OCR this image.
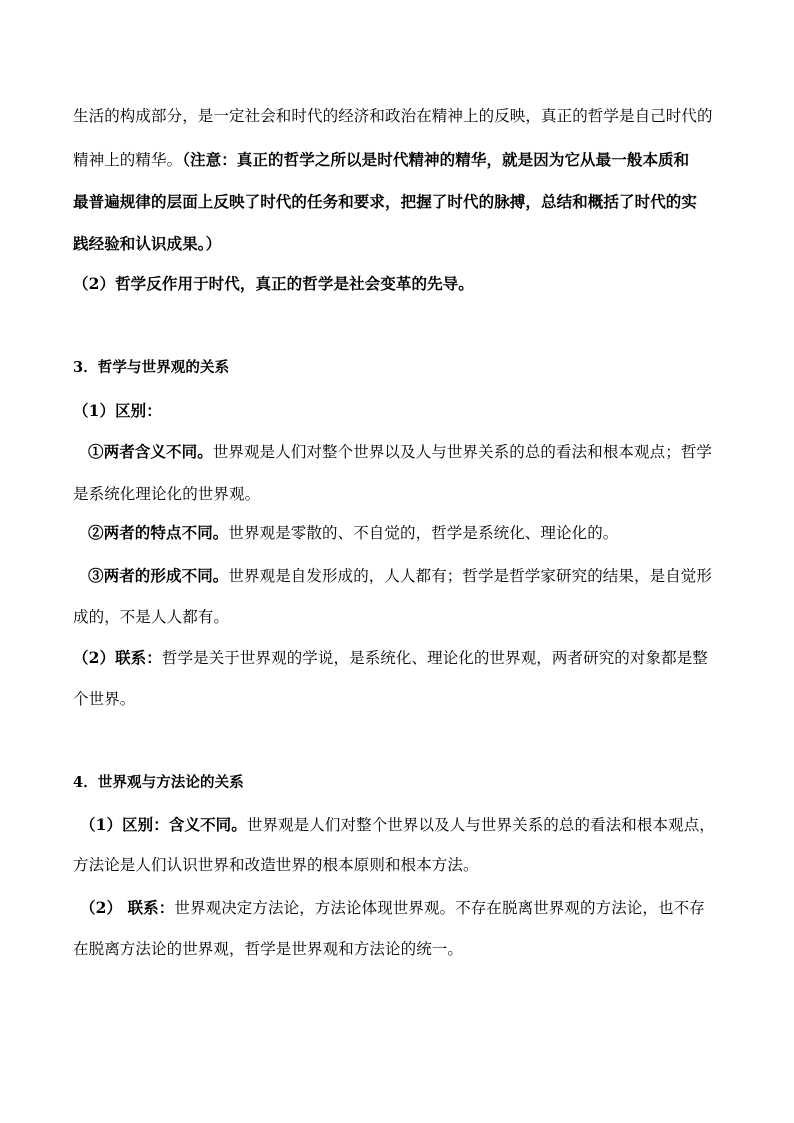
生活的构成部分，是一定社会和时代的经济和政治在精神上的反映，真正的哲学是自己时代的
精神上的精华。（注意：真正的哲学之所以是时代精神的精华，就是因为它从最一般本质和
最普遍规律的层面上反映了时代的任务和要求，把握了时代的脉搏，总结和概括了时代的实
践经验和认识成果。）
（2）哲学反作用于时代，真正的哲学是社会变革的先导。
3．哲学与世界观的关系
（1）区别：
①两者含义不同。世界观是人们对整个世界以及人与世界关系的总的看法和根本观点；哲学
是系统化理论化的世界观。
②两者的特点不同。世界观是零散的、不自觉的，哲学是系统化、理论化的。
③两者的形成不同。世界观是自发形成的，人人都有；哲学是哲学家研究的结果，是自觉形
成的，不是人人都有。
（2）联系：哲学是关于世界观的学说，是系统化、理论化的世界观，两者研究的对象都是整
个世界。
4．世界观与方法论的关系
（1）区别：含义不同。世界观是人们对整个世界以及人与世界关系的总的看法和根本观点，
方法论是人们认识世界和改造世界的根本原则和根本方法。
（2） 联系：世界观决定方法论，方法论体现世界观。不存在脱离世界观的方法论，也不存
在脱离方法论的世界观，哲学是世界观和方法论的统一。
